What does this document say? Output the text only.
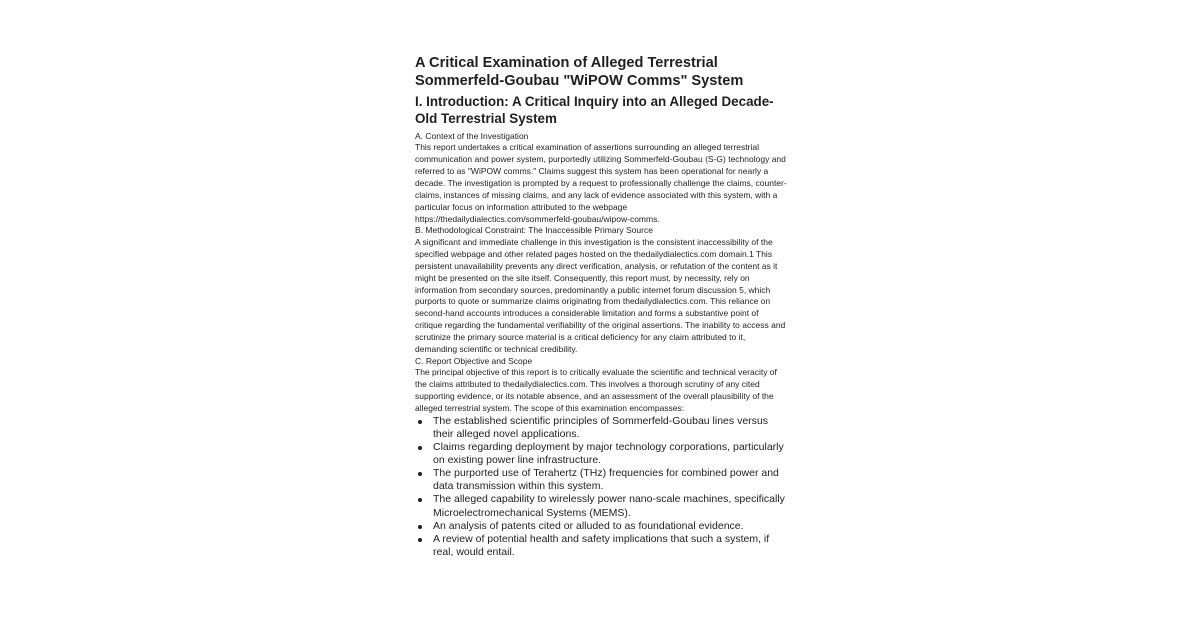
A Critical Examination of Alleged Terrestrial Sommerfeld-Goubau "WiPOW Comms" System
I. Introduction: A Critical Inquiry into an Alleged Decade-Old Terrestrial System

A. Context of the Investigation

This report undertakes a critical examination of assertions surrounding an alleged terrestrial communication and power system, purportedly utilizing Sommerfeld-Goubau (S-G) technology and referred to as "WiPOW comms." Claims suggest this system has been operational for nearly a decade. The investigation is prompted by a request to professionally challenge the claims, counter-claims, instances of missing claims, and any lack of evidence associated with this system, with a particular focus on information attributed to the webpage https://thedailydialectics.com/sommerfeld-goubau/wipow-comms.

B. Methodological Constraint: The Inaccessible Primary Source

A significant and immediate challenge in this investigation is the consistent inaccessibility of the specified webpage and other related pages hosted on the thedailydialectics.com domain.1 This persistent unavailability prevents any direct verification, analysis, or refutation of the content as it might be presented on the site itself. Consequently, this report must, by necessity, rely on information from secondary sources, predominantly a public internet forum discussion 5, which purports to quote or summarize claims originating from thedailydialectics.com. This reliance on second-hand accounts introduces a considerable limitation and forms a substantive point of critique regarding the fundamental verifiability of the original assertions. The inability to access and scrutinize the primary source material is a critical deficiency for any claim attributed to it, demanding scientific or technical credibility.

C. Report Objective and Scope

The principal objective of this report is to critically evaluate the scientific and technical veracity of the claims attributed to thedailydialectics.com. This involves a thorough scrutiny of any cited supporting evidence, or its notable absence, and an assessment of the overall plausibility of the alleged terrestrial system. The scope of this examination encompasses:

The established scientific principles of Sommerfeld-Goubau lines versus their alleged novel applications.
Claims regarding deployment by major technology corporations, particularly on existing power line infrastructure.
The purported use of Terahertz (THz) frequencies for combined power and data transmission within this system.
The alleged capability to wirelessly power nano-scale machines, specifically Microelectromechanical Systems (MEMS).
An analysis of patents cited or alluded to as foundational evidence.
A review of potential health and safety implications that such a system, if real, would entail.
